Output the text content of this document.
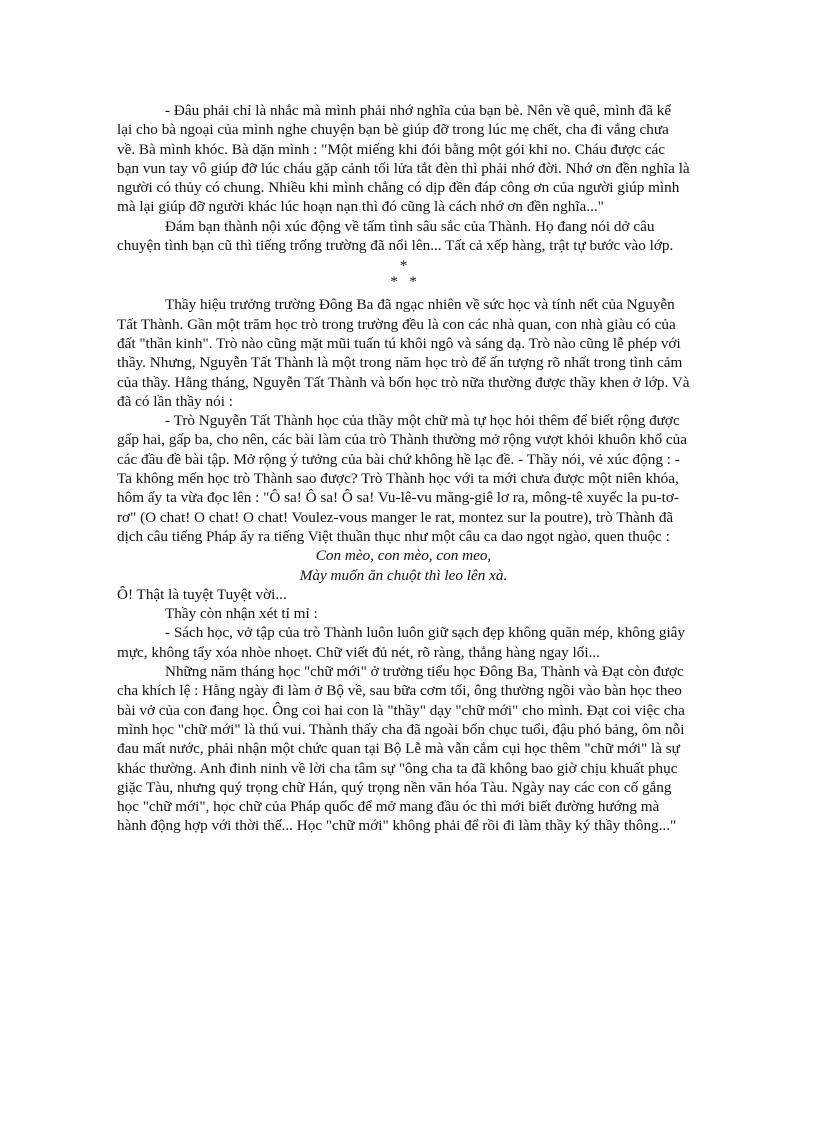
- Đâu phải chỉ là nhắc mà mình phải nhớ nghĩa của bạn bè. Nên về quê, mình đã kể lại cho bà ngoại của mình nghe chuyện bạn bè giúp đỡ trong lúc mẹ chết, cha đi vắng chưa về. Bà mình khóc. Bà dặn mình : "Một miếng khi đói bằng một gói khi no. Cháu được các bạn vun tay vô giúp đỡ lúc cháu gặp cảnh tối lửa tắt đèn thì phải nhớ đời. Nhớ ơn đền nghĩa là người có thủy có chung. Nhiều khi mình chẳng có dịp đền đáp công ơn của người giúp mình mà lại giúp đỡ người khác lúc hoạn nạn thì đó cũng là cách nhớ ơn đền nghĩa..."

Đám bạn thành nội xúc động về tấm tình sâu sắc của Thành. Họ đang nói dở câu chuyện tình bạn cũ thì tiếng trống trường đã nổi lên... Tất cả xếp hàng, trật tự bước vào lớp.

*

*   *

Thầy hiệu trưởng trường Đông Ba đã ngạc nhiên về sức học và tính nết của Nguyễn Tất Thành. Gần một trăm học trò trong trường đều là con các nhà quan, con nhà giàu có của đất "thần kinh". Trò nào cũng mặt mũi tuấn tú khôi ngô và sáng dạ. Trò nào cũng lễ phép với thầy. Nhưng, Nguyễn Tất Thành là một trong năm học trò để ấn tượng rõ nhất trong tình cảm của thầy. Hằng tháng, Nguyễn Tất Thành và bốn học trò nữa thường được thầy khen ở lớp. Và đã có lần thầy nói :

- Trò Nguyễn Tất Thành học của thầy một chữ mà tự học hỏi thêm để biết rộng được gấp hai, gấp ba, cho nên, các bài làm của trò Thành thường mở rộng vượt khỏi khuôn khổ của các đầu đề bài tập. Mở rộng ý tưởng của bài chứ không hề lạc đề. - Thầy nói, vẻ xúc động : - Ta không mến học trò Thành sao được? Trò Thành học với ta mới chưa được một niên khóa, hôm ấy ta vừa đọc lên : "Ô sa! Ô sa! Ô sa! Vu-lê-vu măng-giê lơ ra, mông-tê xuyếc la pu-tơ-rơ" (O chat! O chat! O chat! Voulez-vous manger le rat, montez sur la poutre), trò Thành đã dịch câu tiếng Pháp ấy ra tiếng Việt thuần thục như một câu ca dao ngọt ngào, quen thuộc :

Con mèo, con mèo, con meo,

Mày muốn ăn chuột thì leo lên xà.

Ô! Thật là tuyệt Tuyệt vời...

Thầy còn nhận xét tỉ mỉ :

- Sách học, vở tập của trò Thành luôn luôn giữ sạch đẹp không quăn mép, không giây mực, không tẩy xóa nhòe nhoẹt. Chữ viết đủ nét, rõ ràng, thẳng hàng ngay lối...

Những năm tháng học "chữ mới" ở trường tiểu học Đông Ba, Thành và Đạt còn được cha khích lệ : Hằng ngày đi làm ở Bộ về, sau bữa cơm tối, ông thường ngồi vào bàn học theo bài vở của con đang học. Ông coi hai con là "thầy" dạy "chữ mới" cho mình. Đạt coi việc cha mình học "chữ mới" là thú vui. Thành thấy cha đã ngoài bốn chục tuổi, đậu phó bảng, ôm nỗi đau mất nước, phải nhận một chức quan tại Bộ Lễ mà vẫn cắm cụi học thêm "chữ mới" là sự khác thường. Anh đinh ninh về lời cha tâm sự "ông cha ta đã không bao giờ chịu khuất phục giặc Tàu, nhưng quý trọng chữ Hán, quý trọng nền văn hóa Tàu. Ngày nay các con cố gắng học "chữ mới", học chữ của Pháp quốc để mở mang đầu óc thì mới biết đường hướng mà hành động hợp với thời thế... Học "chữ mới" không phải để rồi đi làm thầy ký thầy thông..."
